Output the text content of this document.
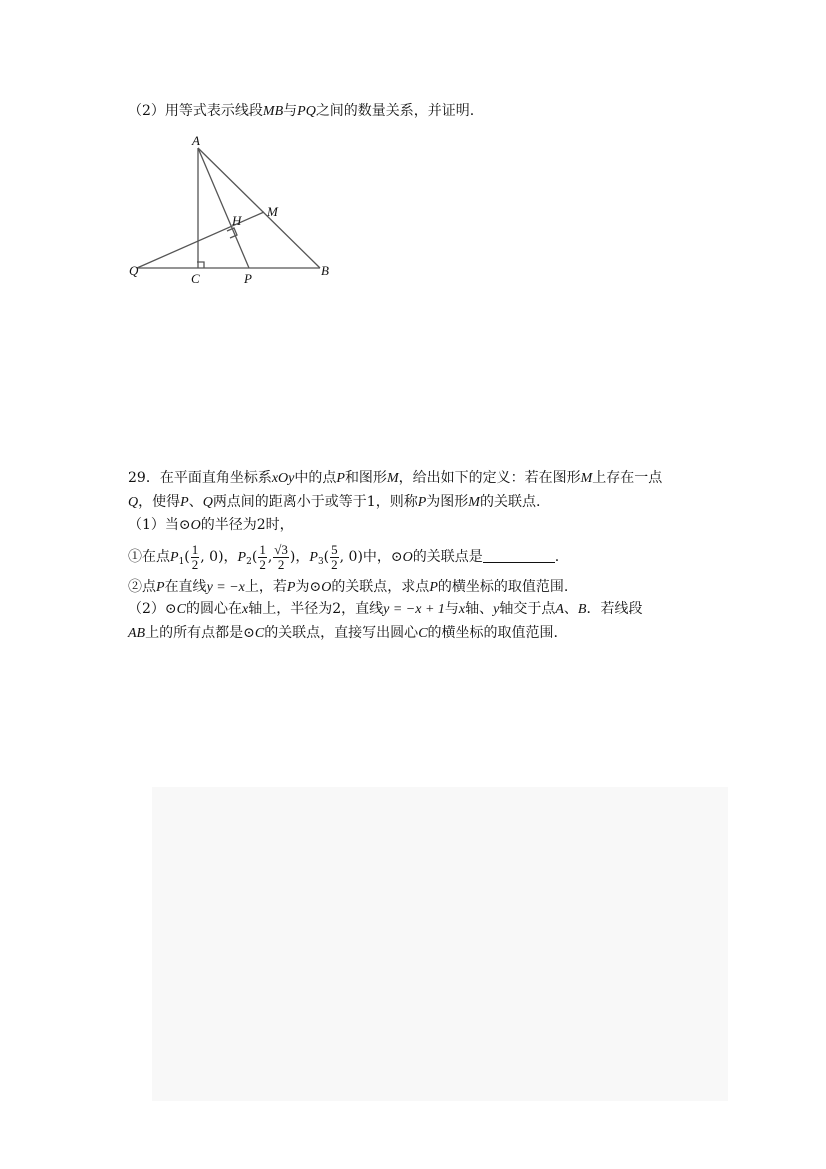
（2）用等式表示线段MB与PQ之间的数量关系，并证明.
A
M
H
Q
C	P
B
29．在平面直角坐标系xOy中的点P和图形M，给出如下的定义：若在图形M上存在一点
Q，使得P、Q两点间的距离小于或等于1，则称P为图形M的关联点.
（1）当⊙O的半径为2时，
①在点$P_1( \frac{1}{2}$ , 0)，$P_2( \frac{1}{2}$ , $\frac{√3}{2}$ )，$P_3( \frac{5}{2}$ , 0)中，⊙O的关联点是	.
②点P在直线y = −x上，若P为⊙O的关联点，求点P的横坐标的取值范围.
（2）⊙C的圆心在x轴上，半径为2，直线y = −x + 1与x轴、y轴交于点A、B．若线段
AB上的所有点都是⊙C的关联点，直接写出圆心C的横坐标的取值范围.
